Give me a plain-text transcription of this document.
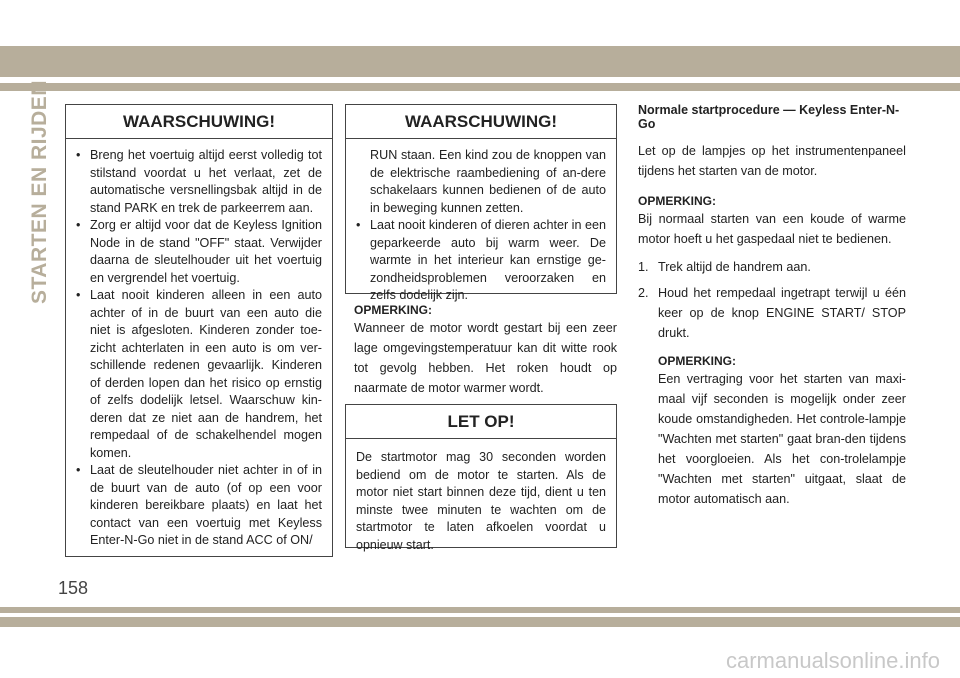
STARTEN EN RIJDEN	WAARSCHUWING!
• Breng het voertuig altijd eerst volledig tot stilstand voordat u het verlaat, zet de automatische versnellingsbak altijd in de stand PARK en trek de parkeerrem aan.
• Zorg er altijd voor dat de Keyless Ignition Node in de stand "OFF" staat. Verwijder daarna de sleutelhouder uit het voertuig en vergrendel het voertuig.
• Laat nooit kinderen alleen in een auto achter of in de buurt van een auto die niet is afgesloten. Kinderen zonder toe-zicht achterlaten in een auto is om ver-schillende redenen gevaarlijk. Kinderen of derden lopen dan het risico op ernstig of zelfs dodelijk letsel. Waarschuw kin-deren dat ze niet aan de handrem, het rempedaal of de schakelhendel mogen komen.
• Laat de sleutelhouder niet achter in of in de buurt van de auto (of op een voor kinderen bereikbare plaats) en laat het contact van een voertuig met Keyless Enter-N-Go niet in de stand ACC of ON/
WAARSCHUWING!
RUN staan. Een kind zou de knoppen van de elektrische raambediening of an-dere schakelaars kunnen bedienen of de auto in beweging kunnen zetten.
• Laat nooit kinderen of dieren achter in een geparkeerde auto bij warm weer. De warmte in het interieur kan ernstige ge-zondheidsproblemen veroorzaken en zelfs dodelijk zijn.
OPMERKING:
Wanneer de motor wordt gestart bij een zeer lage omgevingstemperatuur kan dit witte rook tot gevolg hebben. Het roken houdt op naarmate de motor warmer wordt.
LET OP!
De startmotor mag 30 seconden worden bediend om de motor te starten. Als de motor niet start binnen deze tijd, dient u ten minste twee minuten te wachten om de startmotor te laten afkoelen voordat u opnieuw start.
Normale startprocedure — Keyless Enter-N-Go
Let op de lampjes op het instrumentenpaneel tijdens het starten van de motor.
OPMERKING:
Bij normaal starten van een koude of warme motor hoeft u het gaspedaal niet te bedienen.
1. Trek altijd de handrem aan.
2. Houd het rempedaal ingetrapt terwijl u één keer op de knop ENGINE START/ STOP drukt.
OPMERKING:
Een vertraging voor het starten van maxi-maal vijf seconden is mogelijk onder zeer koude omstandigheden. Het controle-lampje "Wachten met starten" gaat bran-den tijdens het voorgloeien. Als het con-trolelampje "Wachten met starten" uitgaat, slaat de motor automatisch aan.
158
carmanualsonline.info
